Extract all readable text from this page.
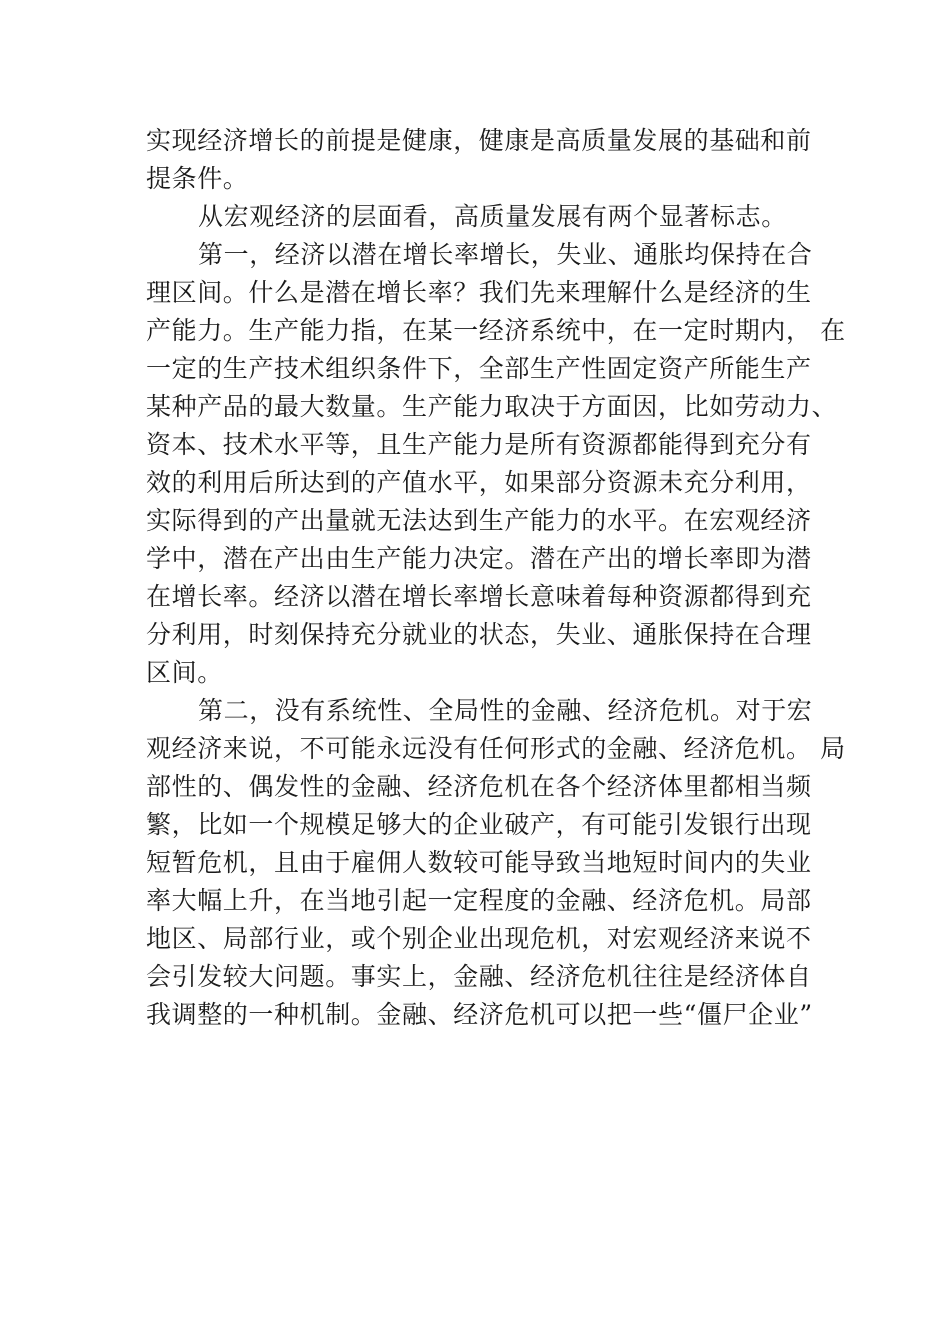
实现经济增长的前提是健康，健康是高质量发展的基础和前
提条件。
从宏观经济的层面看，高质量发展有两个显著标志。
第一，经济以潜在增长率增长，失业、通胀均保持在合
理区间。什么是潜在增长率？我们先来理解什么是经济的生
产能力。生产能力指，在某一经济系统中，在一定时期内， 在
一定的生产技术组织条件下，全部生产性固定资产所能生产
某种产品的最大数量。生产能力取决于方面因，比如劳动力、
资本、技术水平等，且生产能力是所有资源都能得到充分有
效的利用后所达到的产值水平，如果部分资源未充分利用，
实际得到的产出量就无法达到生产能力的水平。在宏观经济
学中，潜在产出由生产能力决定。潜在产出的增长率即为潜
在增长率。经济以潜在增长率增长意味着每种资源都得到充
分利用，时刻保持充分就业的状态，失业、通胀保持在合理
区间。
第二，没有系统性、全局性的金融、经济危机。对于宏
观经济来说，不可能永远没有任何形式的金融、经济危机。 局
部性的、偶发性的金融、经济危机在各个经济体里都相当频
繁，比如一个规模足够大的企业破产，有可能引发银行出现
短暂危机，且由于雇佣人数较可能导致当地短时间内的失业
率大幅上升，在当地引起一定程度的金融、经济危机。局部
地区、局部行业，或个别企业出现危机，对宏观经济来说不
会引发较大问题。事实上，金融、经济危机往往是经济体自
我调整的一种机制。金融、经济危机可以把一些“僵尸企业”
